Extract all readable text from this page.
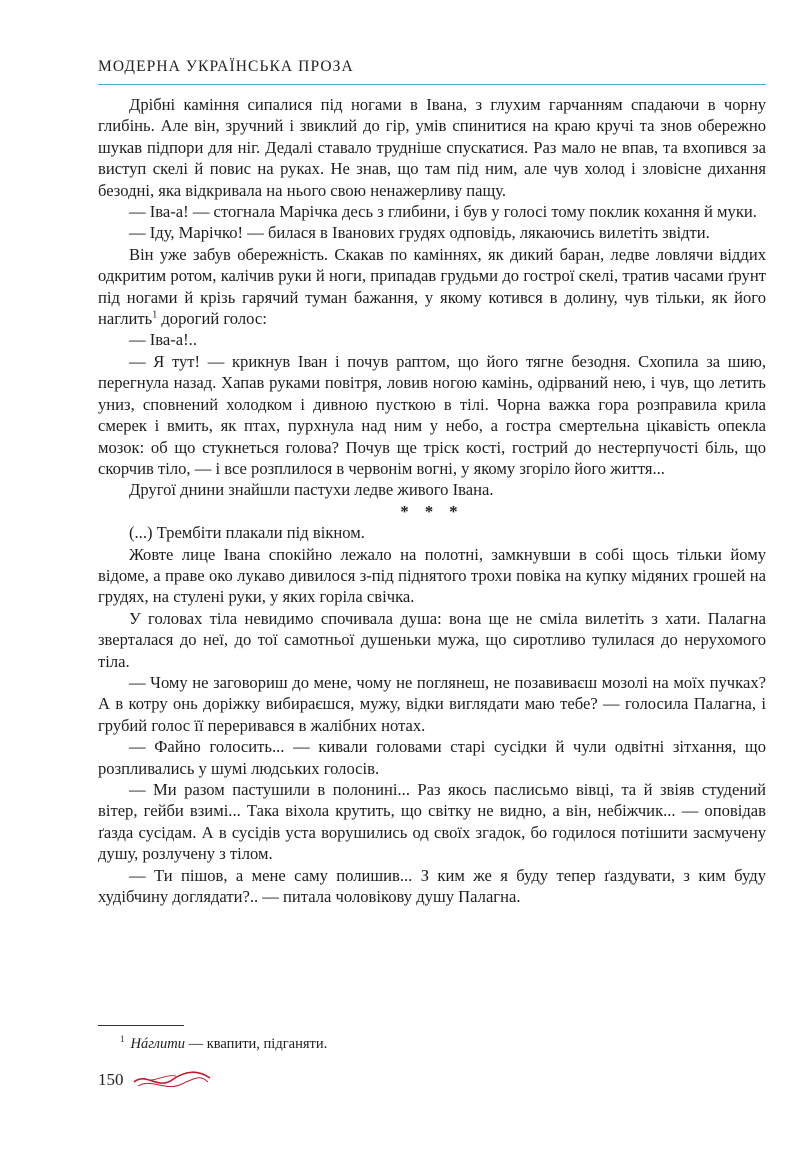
МОДЕРНА УКРАЇНСЬКА ПРОЗА

Дрібні каміння сипалися під ногами в Івана, з глухим гарчанням спадаючи в чорну глибінь. Але він, зручний і звиклий до гір, умів спинитися на краю кручі та знов обережно шукав підпори для ніг. Дедалі ставало трудніше спускатися. Раз мало не впав, та вхопився за виступ скелі й повис на руках. Не знав, що там під ним, але чув холод і зловісне дихання безодні, яка відкривала на нього свою ненажерливу пащу.

— Іва-а! — стогнала Марічка десь з глибини, і був у голосі тому поклик кохання й муки.

— Іду, Марічко! — билася в Іванових грудях одповідь, лякаючись вилетіть звідти.

Він уже забув обережність. Скакав по каміннях, як дикий баран, ледве ловлячи віддих одкритим ротом, калічив руки й ноги, припадав грудьми до гострої скелі, тратив часами ґрунт під ногами й крізь гарячий туман бажання, у якому котився в долину, чув тільки, як його наглить$^1$ дорогий голос:

— Іва-а!..

— Я тут! — крикнув Іван і почув раптом, що його тягне безодня. Схопила за шию, перегнула назад. Хапав руками повітря, ловив ногою камінь, одірваний нею, і чув, що летить униз, сповнений холодком і дивною пусткою в тілі. Чорна важка гора розправила крила смерек і вмить, як птах, пурхнула над ним у небо, а гостра смертельна цікавість опекла мозок: об що стукнеться голова? Почув ще тріск кості, гострий до нестерпучості біль, що скорчив тіло, — і все розплилося в червонім вогні, у якому згоріло його життя...

Другої днини знайшли пастухи ледве живого Івана.

* * *

(...) Трембіти плакали під вікном.

Жовте лице Івана спокійно лежало на полотні, замкнувши в собі щось тільки йому відоме, а праве око лукаво дивилося з-під піднятого трохи повіка на купку мідяних грошей на грудях, на стулені руки, у яких горіла свічка.

У головах тіла невидимо спочивала душа: вона ще не сміла вилетіть з хати. Палагна зверталася до неї, до тої самотньої душеньки мужа, що сиротливо тулилася до нерухомого тіла.

— Чому не заговориш до мене, чому не поглянеш, не позавиваєш мозолі на моїх пучках? А в котру онь доріжку вибираєшся, мужу, відки виглядати маю тебе? — голосила Палагна, і грубий голос її переривався в жалібних нотах.

— Файно голосить... — кивали головами старі сусідки й чули одвітні зітхання, що розпливались у шумі людських голосів.

— Ми разом пастушили в полонині... Раз якось паслисьмо вівці, та й звіяв студений вітер, гейби взимі... Така віхола крутить, що світку не видно, а він, небіжчик... — оповідав ґазда сусідам. А в сусідів уста ворушились од своїх згадок, бо годилося потішити засмучену душу, розлучену з тілом.

— Ти пішов, а мене саму полишив... З ким же я буду тепер ґаздувати, з ким буду худібчину доглядати?.. — питала чоловікову душу Палагна.

$^1$ Нáглити — квапити, підганяти.
150
